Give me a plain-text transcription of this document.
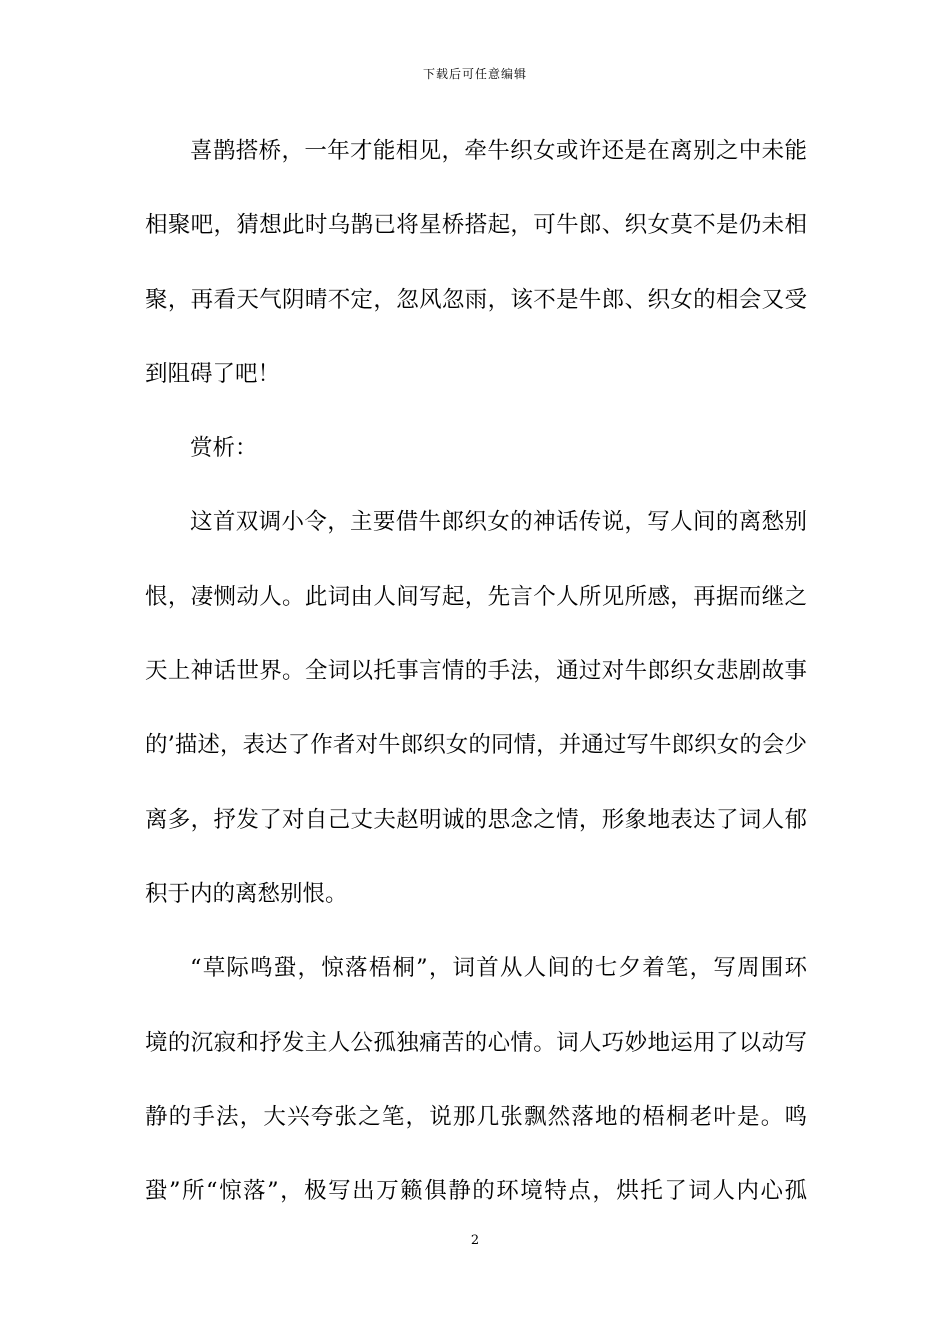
下载后可任意编辑
喜鹊搭桥，一年才能相见，牵牛织女或许还是在离别之中未能
相聚吧，猜想此时乌鹊已将星桥搭起，可牛郎、织女莫不是仍未相
聚，再看天气阴晴不定，忽风忽雨，该不是牛郎、织女的相会又受
到阻碍了吧！
赏析：
这首双调小令，主要借牛郎织女的神话传说，写人间的离愁别
恨，凄恻动人。此词由人间写起，先言个人所见所感，再据而继之
天上神话世界。全词以托事言情的手法，通过对牛郎织女悲剧故事
的’描述，表达了作者对牛郎织女的同情，并通过写牛郎织女的会少
离多，抒发了对自己丈夫赵明诚的思念之情，形象地表达了词人郁
积于内的离愁别恨。
“草际鸣蛩，惊落梧桐”，词首从人间的七夕着笔，写周围环
境的沉寂和抒发主人公孤独痛苦的心情。词人巧妙地运用了以动写
静的手法，大兴夸张之笔，说那几张飘然落地的梧桐老叶是。鸣
蛩”所“惊落”，极写出万籁俱静的环境特点，烘托了词人内心孤
2
